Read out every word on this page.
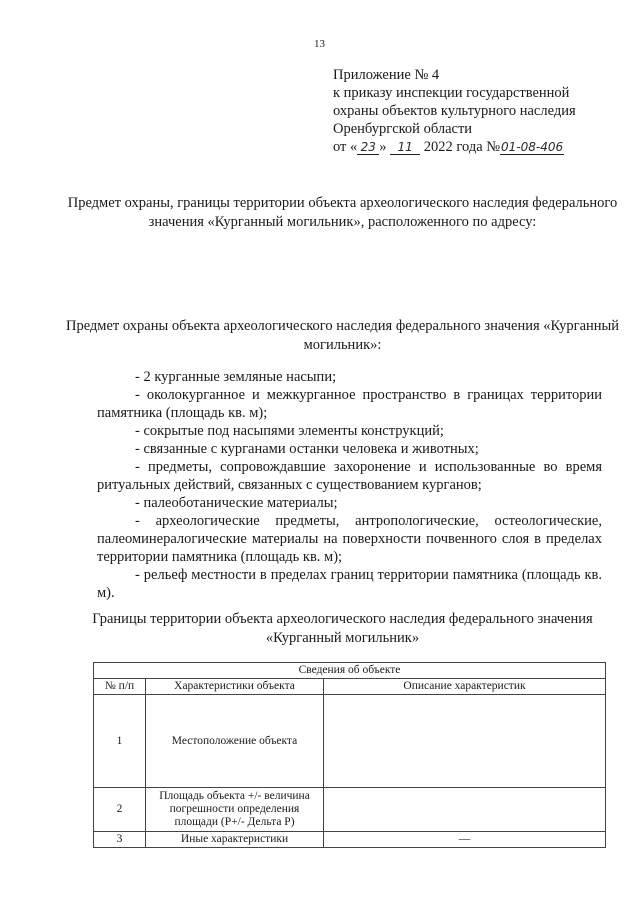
13
Приложение № 4
к приказу инспекции государственной
охраны объектов культурного наследия
Оренбургской области
от « 23 » 11 2022 года №01-08-406
Предмет охраны, границы территории объекта археологического наследия федерального значения «Курганный могильник», расположенного по адресу:
Предмет охраны объекта археологического наследия федерального значения «Курганный могильник»:

- 2 курганные земляные насыпи;

- околокурганное и межкурганное пространство в границах территории памятника (площадь кв. м);

- сокрытые под насыпями элементы конструкций;

- связанные с курганами останки человека и животных;

- предметы, сопровождавшие захоронение и использованные во время ритуальных действий, связанных с существованием курганов;

- палеоботанические материалы;

- археологические предметы, антропологические, остеологические, палеоминералогические материалы на поверхности почвенного слоя в пределах территории памятника (площадь кв. м);

- рельеф местности в пределах границ территории памятника (площадь кв. м).

Границы территории объекта археологического наследия федерального значения «Курганный могильник»
Сведения об объекте		
№ п/п	Характеристики объекта	Описание характеристик
1	Местоположение объекта	
2	Площадь объекта +/- величина погрешности определения площади (P+/- Дельта P)	
3	Иные характеристики	—
